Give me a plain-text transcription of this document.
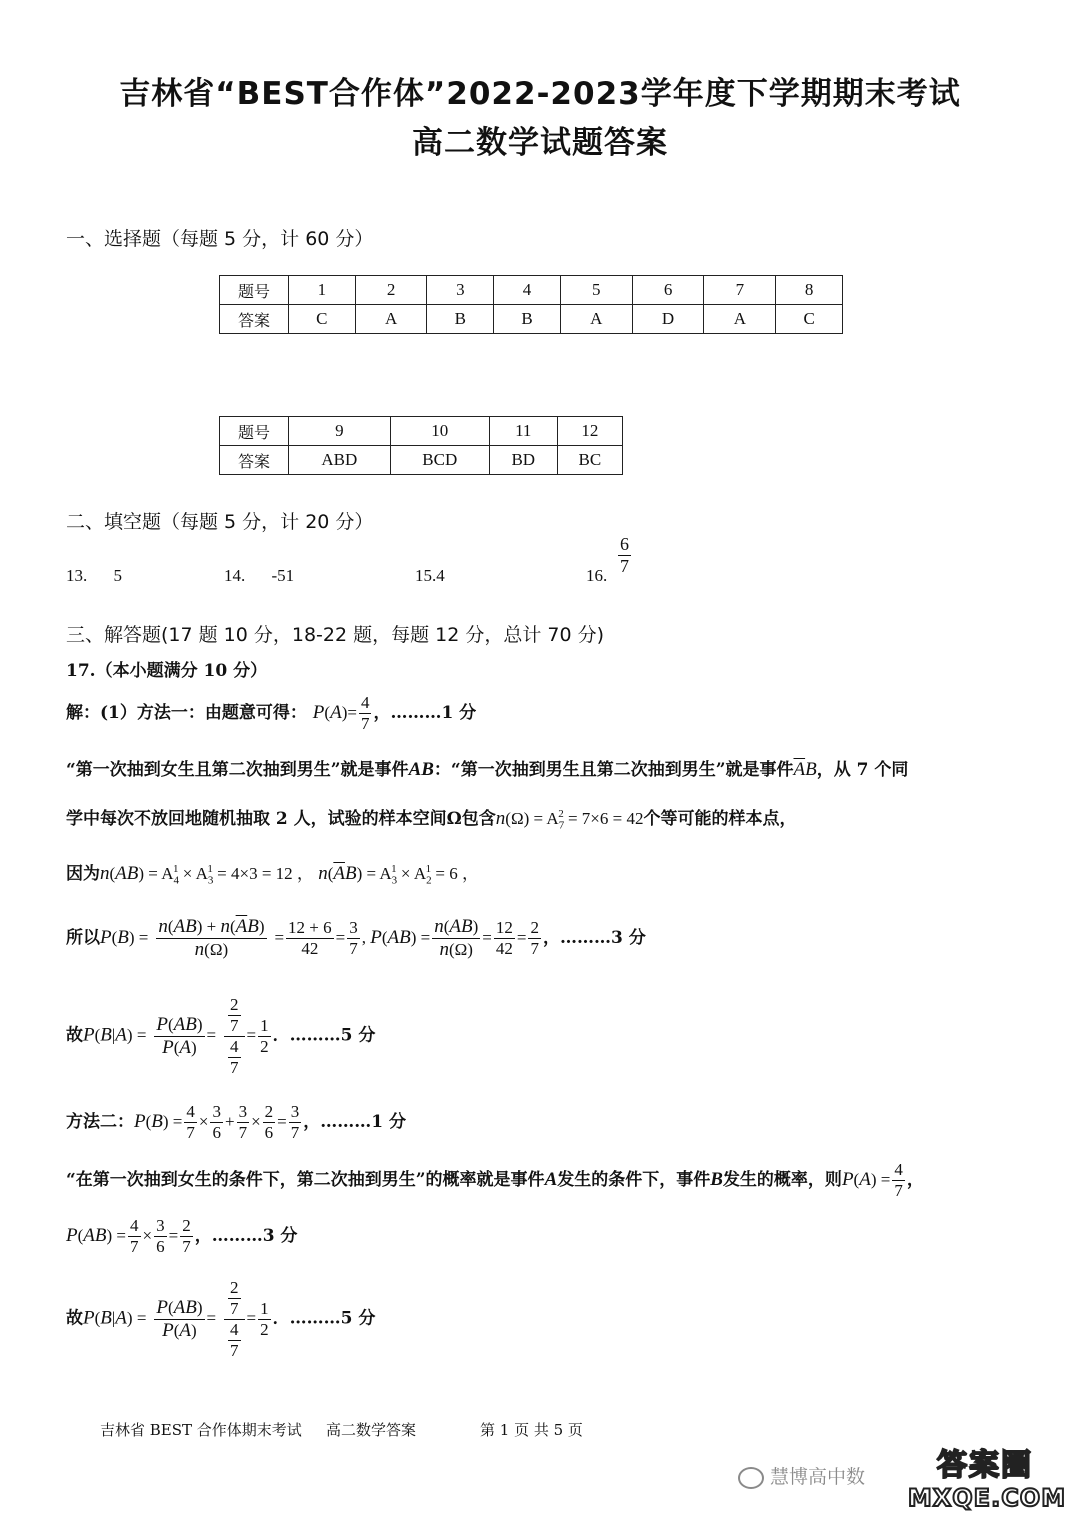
吉林省“BEST合作体”2022-2023学年度下学期期末考试
高二数学试题答案
一、选择题（每题 5 分，计 60 分）
题号	1	2	3	4	5	6	7	8
答案	C	A	B	B	A	D	A	C
题号	9	10	11	12
答案	ABD	BCD	BD	BC
二、填空题（每题 5 分，计 20 分）
13. 5	14. -51	15.4	16. $\frac{6}{7}$
三、解答题(17 题 10 分，18-22 题，每题 12 分，总计 70 分)
17.（本小题满分 10 分）
解：(1）方法一：由题意可得： $P(A)= \frac{4}{7}$ ，………1 分
“第一次抽到女生且第二次抽到男生”就是事件AB：“第一次抽到男生且第二次抽到男生”就是事件$\overline{A}B$，从 7 个同
学中每次不放回地随机抽取 2 人，试验的样本空间Ω包含$n(\Omega) = A_7^2 = 7\times 6 = 42$个等可能的样本点，
因为$n(AB) = A_4^1 \times A_3^1 = 4\times 3 = 12$ ， $n(\overline{A}B) = A_3^1 \times A_2^1 = 6$ ，
所以$P(B) = \frac{n(AB) + n(\overline{A}B)}{n(\Omega)} = \frac{12 + 6}{42} = \frac{3}{7}$ , $P(AB) = \frac{n(AB)}{n(\Omega)} = \frac{12}{42} = \frac{2}{7}$ ，………3 分
故$P(B|A) = \frac{P(AB)}{P(A)} = \frac{\frac{2}{7}}{\frac{4}{7}} = \frac{1}{2}$ ．………5 分
方法二：$P(B) = \frac{4}{7} \times \frac{3}{6} + \frac{3}{7} \times \frac{2}{6} = \frac{3}{7}$ ，………1 分
“在第一次抽到女生的条件下，第二次抽到男生”的概率就是事件A发生的条件下，事件B发生的概率，则$P(A) = \frac{4}{7}$ ，
$P(AB) = \frac{4}{7} \times \frac{3}{6} = \frac{2}{7}$ ，………3 分
故$P(B|A) = \frac{P(AB)}{P(A)} = \frac{\frac{2}{7}}{\frac{4}{7}} = \frac{1}{2}$ ．………5 分
吉林省 BEST 合作体期末考试 高二数学答案	第 1 页 共 5 页
慧博高中数	答案圈
MXQE.COM
